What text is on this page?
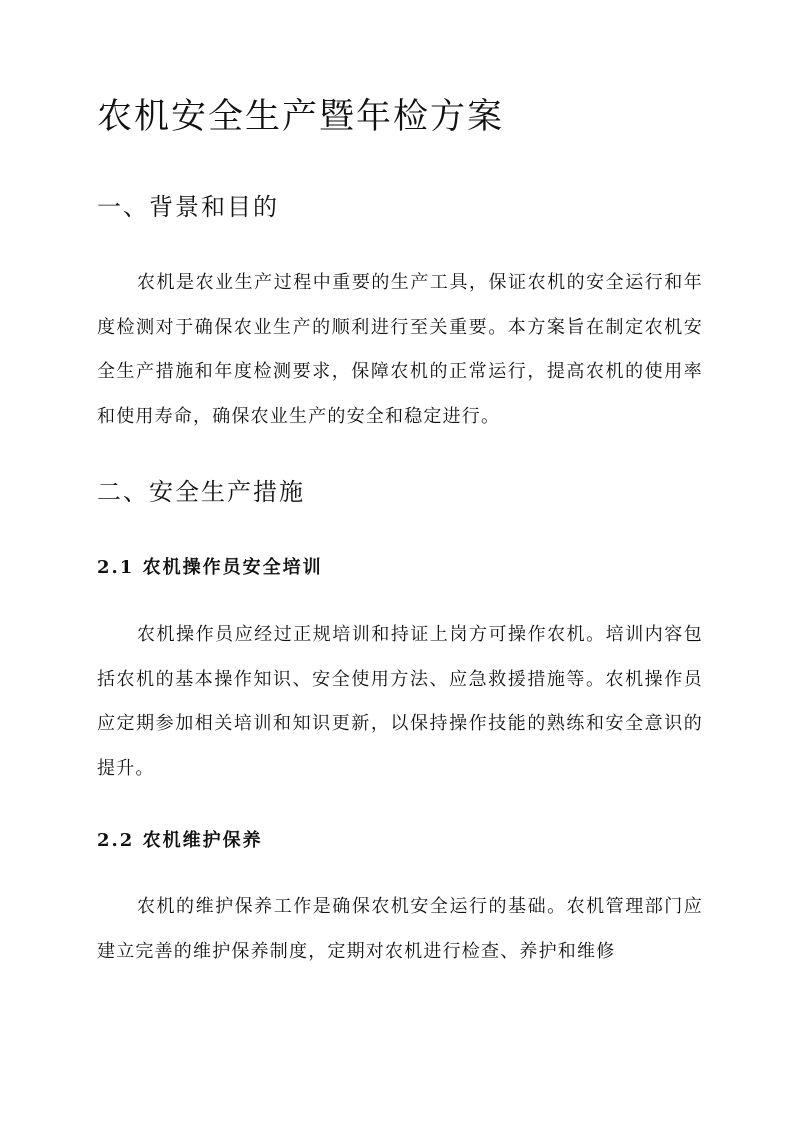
农机安全生产暨年检方案
一、背景和目的

农机是农业生产过程中重要的生产工具，保证农机的安全运行和年度检测对于确保农业生产的顺利进行至关重要。本方案旨在制定农机安全生产措施和年度检测要求，保障农机的正常运行，提高农机的使用率和使用寿命，确保农业生产的安全和稳定进行。

二、安全生产措施
2.1 农机操作员安全培训

农机操作员应经过正规培训和持证上岗方可操作农机。培训内容包括农机的基本操作知识、安全使用方法、应急救援措施等。农机操作员应定期参加相关培训和知识更新，以保持操作技能的熟练和安全意识的提升。

2.2 农机维护保养

农机的维护保养工作是确保农机安全运行的基础。农机管理部门应建立完善的维护保养制度，定期对农机进行检查、养护和维修
